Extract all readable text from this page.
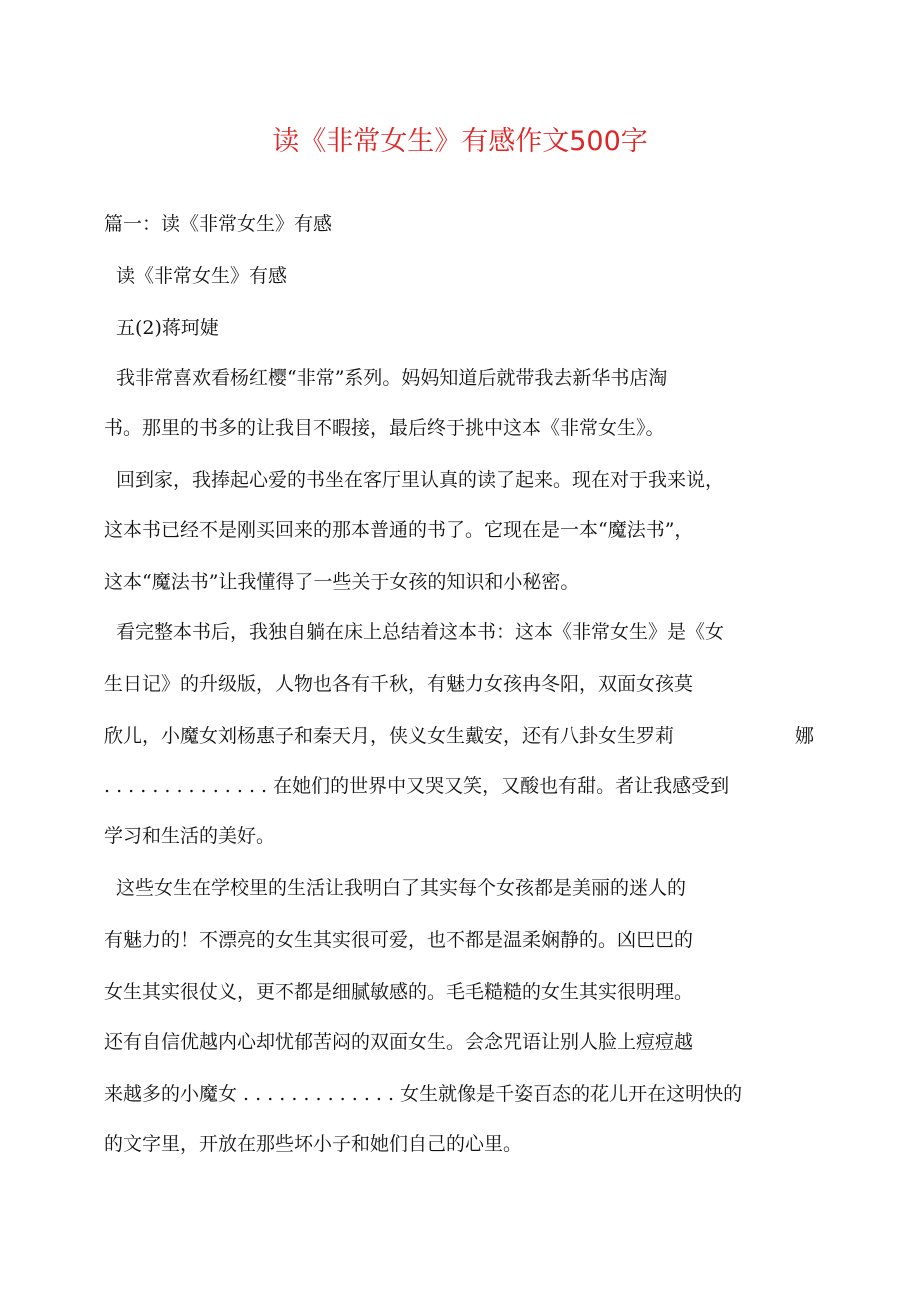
读《非常女生》有感作文500字
篇一：读《非常女生》有感
读《非常女生》有感
五(2)蒋珂婕
我非常喜欢看杨红樱“非常”系列。妈妈知道后就带我去新华书店淘
书。那里的书多的让我目不暇接，最后终于挑中这本《非常女生》。
回到家，我捧起心爱的书坐在客厅里认真的读了起来。现在对于我来说，
这本书已经不是刚买回来的那本普通的书了。它现在是一本“魔法书”，
这本“魔法书”让我懂得了一些关于女孩的知识和小秘密。
看完整本书后，我独自躺在床上总结着这本书：这本《非常女生》是《女
生日记》的升级版，人物也各有千秋，有魅力女孩冉冬阳，双面女孩莫
欣儿，小魔女刘杨惠子和秦天月，侠义女生戴安，还有八卦女生罗莉	娜
. . . . . . . . . . . . . . 在她们的世界中又哭又笑，又酸也有甜。者让我感受到
学习和生活的美好。
这些女生在学校里的生活让我明白了其实每个女孩都是美丽的迷人的
有魅力的！不漂亮的女生其实很可爱，也不都是温柔娴静的。凶巴巴的
女生其实很仗义，更不都是细腻敏感的。毛毛糙糙的女生其实很明理。
还有自信优越内心却忧郁苦闷的双面女生。会念咒语让别人脸上痘痘越
来越多的小魔女 . . . . . . . . . . . . . 女生就像是千姿百态的花儿开在这明快的
的文字里，开放在那些坏小子和她们自己的心里。
